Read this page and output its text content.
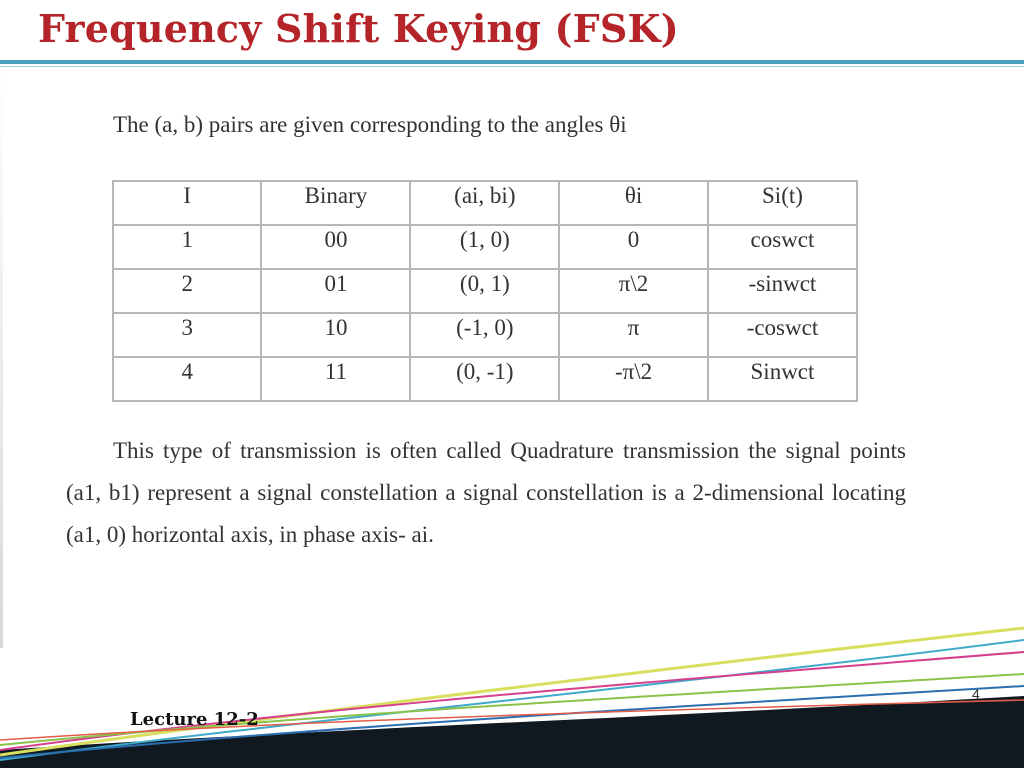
Frequency Shift Keying (FSK)
The (a, b) pairs are given corresponding to the angles θi
I	Binary	(ai, bi)	θi	Si(t)
1	00	(1, 0)	0	coswct
2	01	(0, 1)	π\2	-sinwct
3	10	(-1, 0)	π	-coswct
4	11	(0, -1)	-π\2	Sinwct
This type of transmission is often called Quadrature transmission the signal points (a1, b1) represent a signal constellation a signal constellation is a 2-dimensional locating (a1, 0) horizontal axis, in phase axis- ai.
4
Lecture 12-2
